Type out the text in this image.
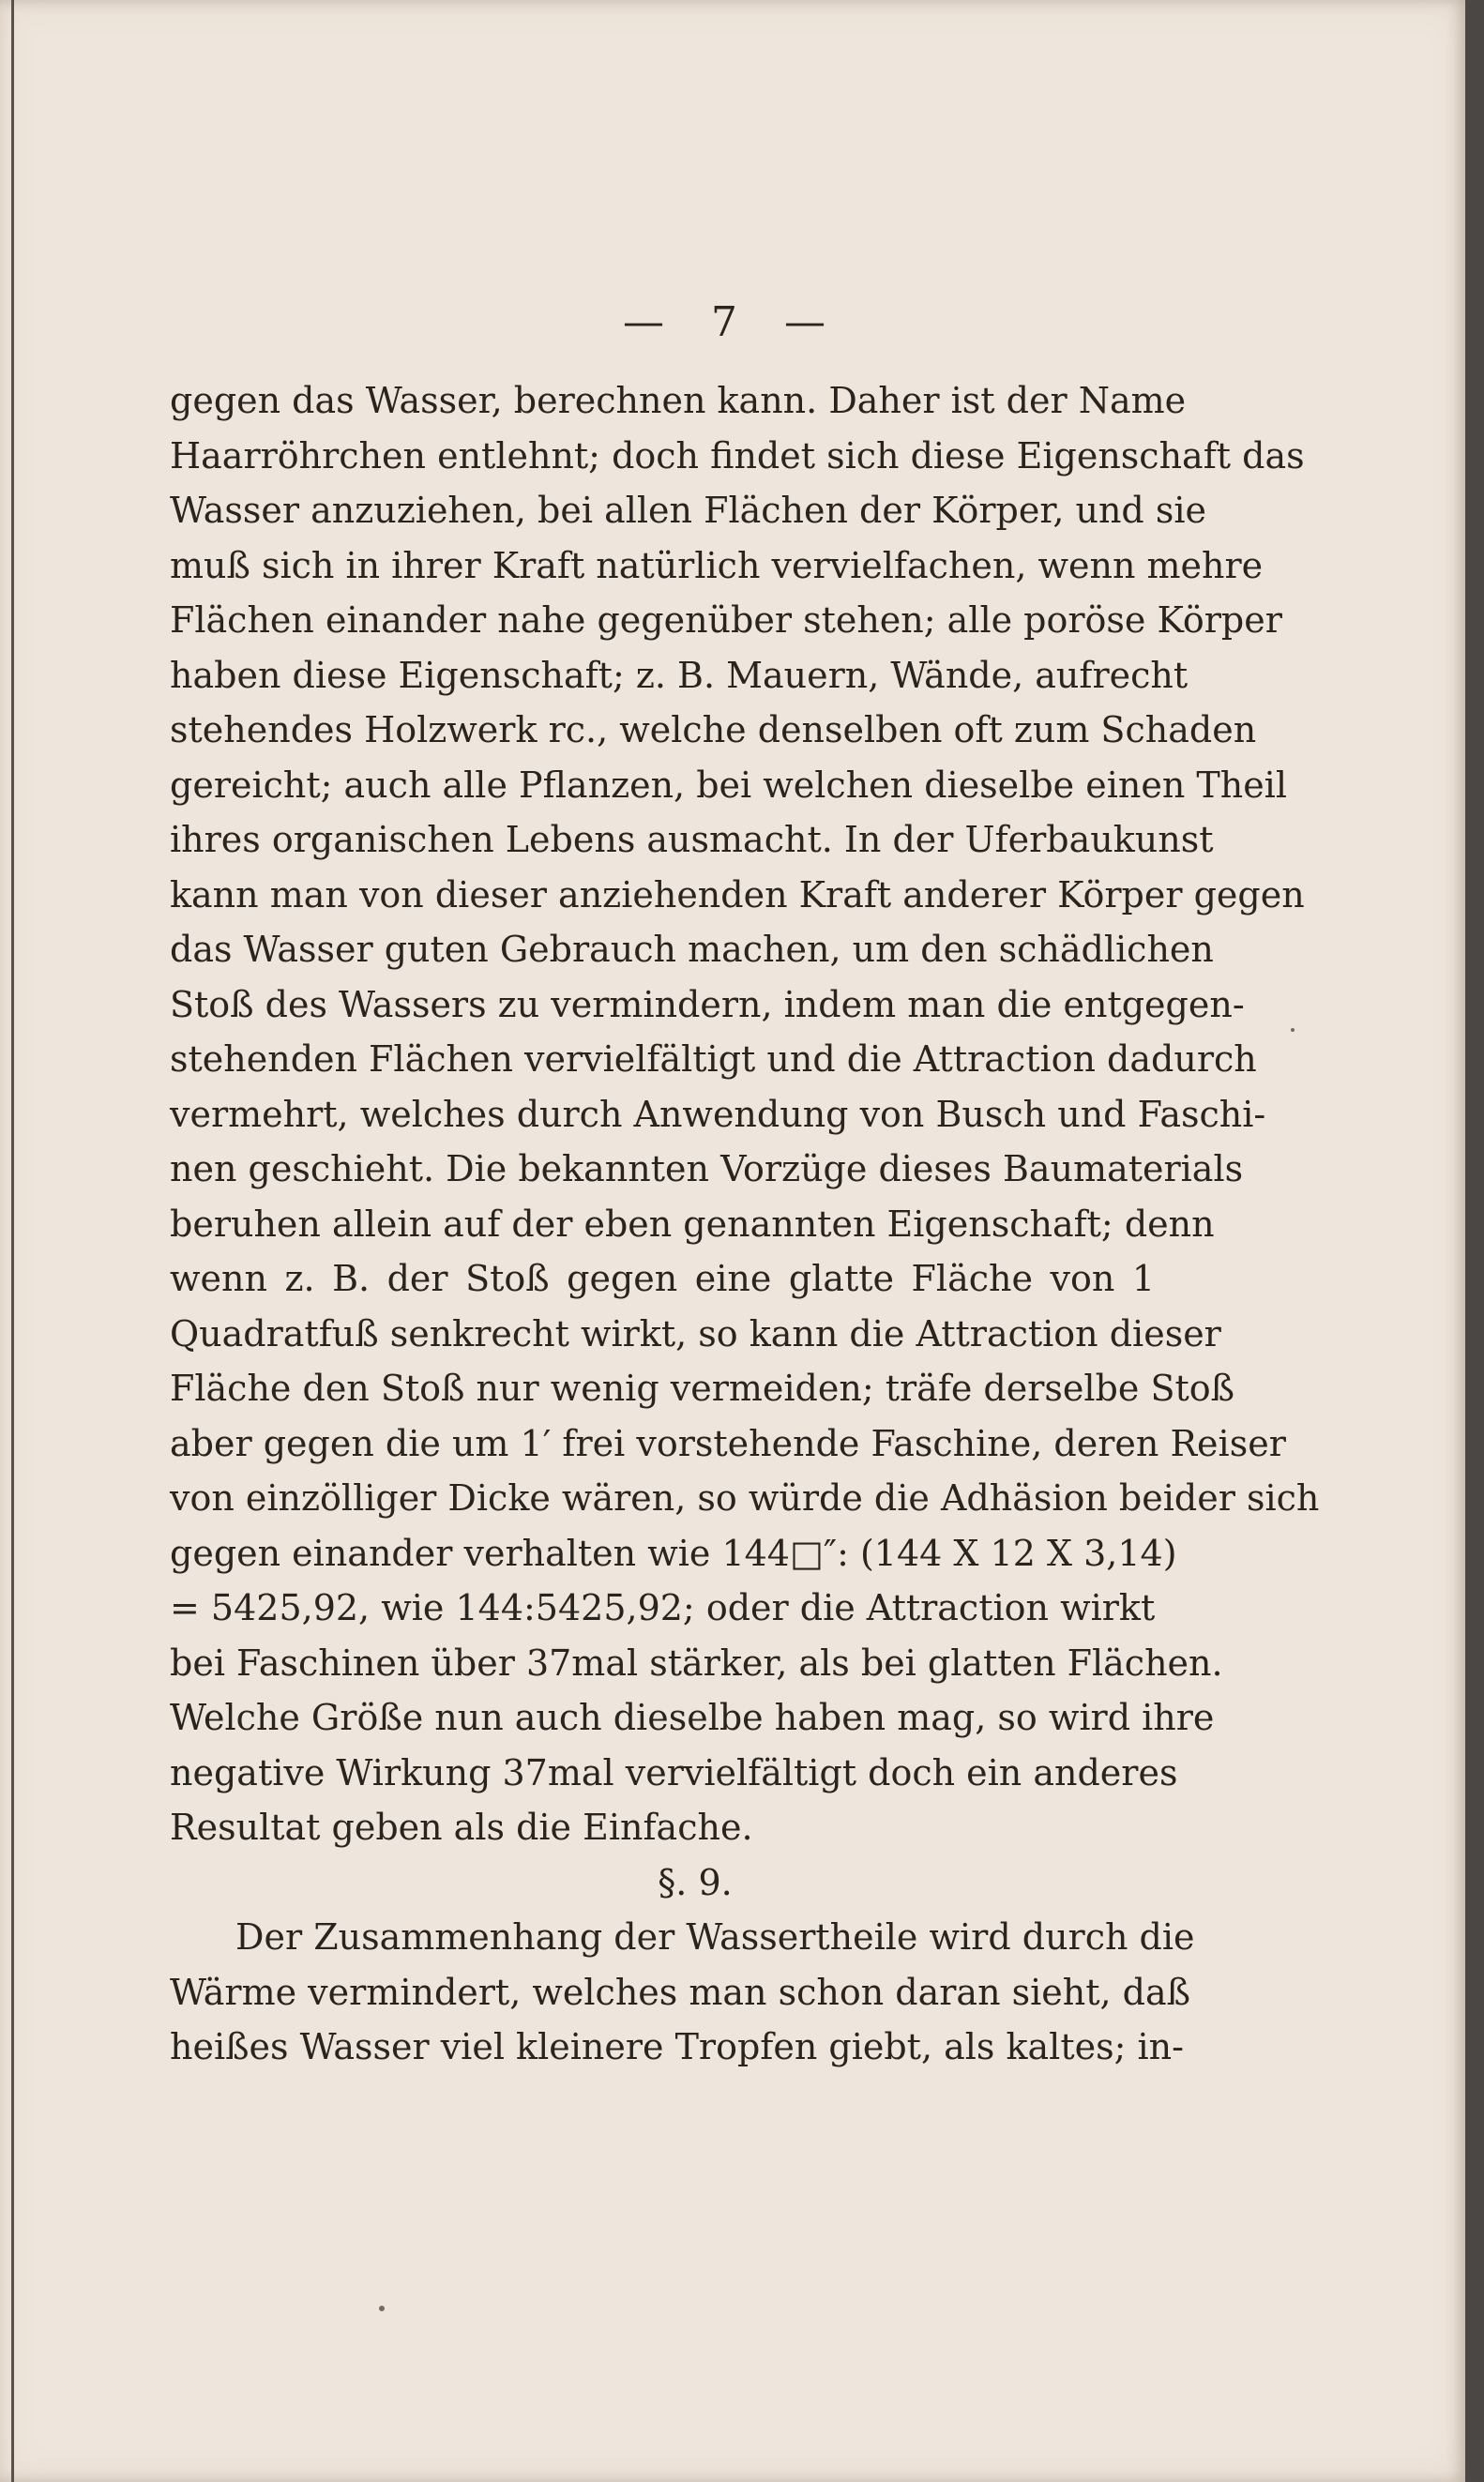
— 7 —
gegen das Wasser, berechnen kann. Daher ist der Name
Haarröhrchen entlehnt; doch findet sich diese Eigenschaft das
Wasser anzuziehen, bei allen Flächen der Körper, und sie
muß sich in ihrer Kraft natürlich vervielfachen, wenn mehre
Flächen einander nahe gegenüber stehen; alle poröse Körper
haben diese Eigenschaft; z. B. Mauern, Wände, aufrecht
stehendes Holzwerk rc., welche denselben oft zum Schaden
gereicht; auch alle Pflanzen, bei welchen dieselbe einen Theil
ihres organischen Lebens ausmacht. In der Uferbaukunst
kann man von dieser anziehenden Kraft anderer Körper gegen
das Wasser guten Gebrauch machen, um den schädlichen
Stoß des Wassers zu vermindern, indem man die entgegen-
stehenden Flächen vervielfältigt und die Attraction dadurch
vermehrt, welches durch Anwendung von Busch und Faschi-
nen geschieht. Die bekannten Vorzüge dieses Baumaterials
beruhen allein auf der eben genannten Eigenschaft; denn
wenn z. B. der Stoß gegen eine glatte Fläche von 1
Quadratfuß senkrecht wirkt, so kann die Attraction dieser
Fläche den Stoß nur wenig vermeiden; träfe derselbe Stoß
aber gegen die um 1′ frei vorstehende Faschine, deren Reiser
von einzölliger Dicke wären, so würde die Adhäsion beider sich
gegen einander verhalten wie 144□″: (144 X 12 X 3,14)
= 5425,92, wie 144:5425,92; oder die Attraction wirkt
bei Faschinen über 37mal stärker, als bei glatten Flächen.
Welche Größe nun auch dieselbe haben mag, so wird ihre
negative Wirkung 37mal vervielfältigt doch ein anderes
Resultat geben als die Einfache.
§. 9.
Der Zusammenhang der Wassertheile wird durch die
Wärme vermindert, welches man schon daran sieht, daß
heißes Wasser viel kleinere Tropfen giebt, als kaltes; in-
